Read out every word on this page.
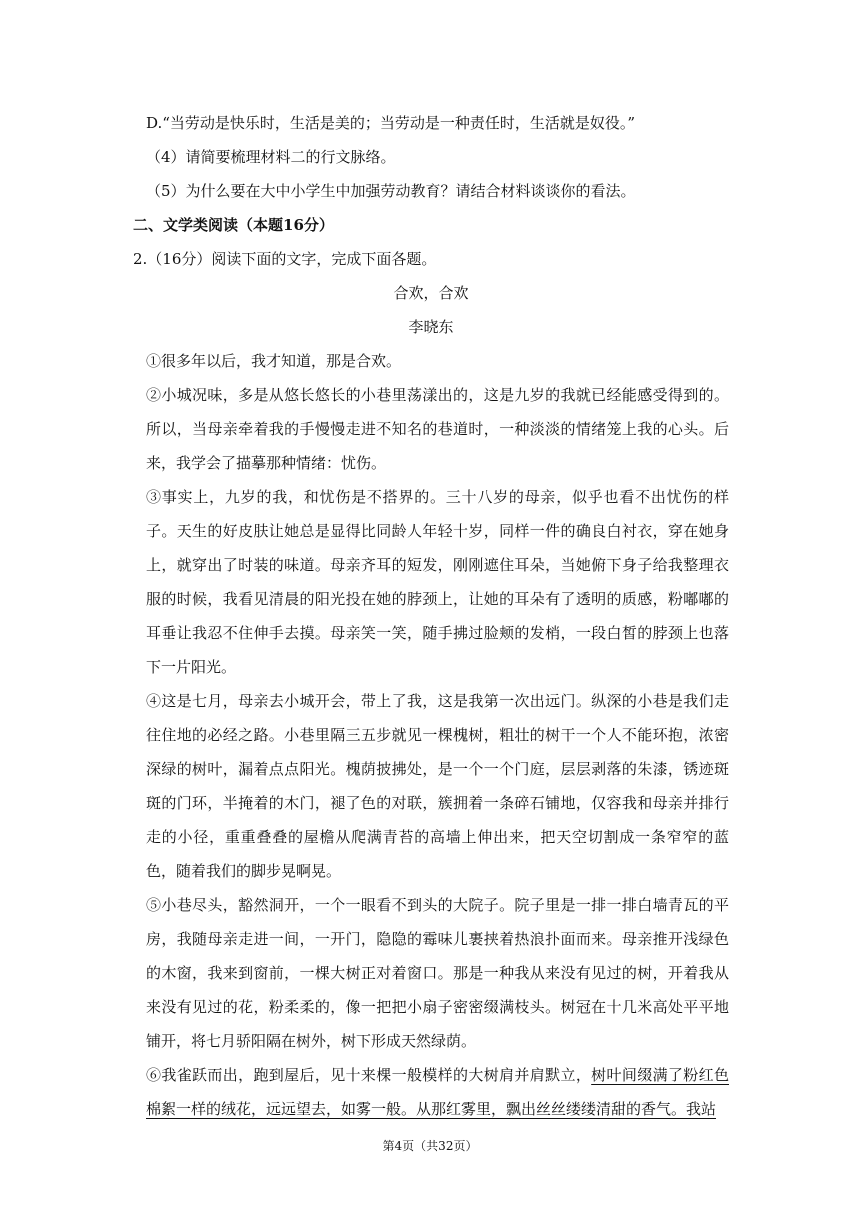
D.“当劳动是快乐时，生活是美的；当劳动是一种责任时，生活就是奴役。”
（4）请简要梳理材料二的行文脉络。
（5）为什么要在大中小学生中加强劳动教育？请结合材料谈谈你的看法。
二、文学类阅读（本题16分）
2.（16分）阅读下面的文字，完成下面各题。
合欢，合欢
李晓东
①很多年以后，我才知道，那是合欢。
②小城况味，多是从悠长悠长的小巷里荡漾出的，这是九岁的我就已经能感受得到的。所以，当母亲牵着我的手慢慢走进不知名的巷道时，一种淡淡的情绪笼上我的心头。后来，我学会了描摹那种情绪：忧伤。
③事实上，九岁的我，和忧伤是不搭界的。三十八岁的母亲，似乎也看不出忧伤的样子。天生的好皮肤让她总是显得比同龄人年轻十岁，同样一件的确良白衬衣，穿在她身上，就穿出了时装的味道。母亲齐耳的短发，刚刚遮住耳朵，当她俯下身子给我整理衣服的时候，我看见清晨的阳光投在她的脖颈上，让她的耳朵有了透明的质感，粉嘟嘟的耳垂让我忍不住伸手去摸。母亲笑一笑，随手拂过脸颊的发梢，一段白皙的脖颈上也落下一片阳光。
④这是七月，母亲去小城开会，带上了我，这是我第一次出远门。纵深的小巷是我们走往住地的必经之路。小巷里隔三五步就见一棵槐树，粗壮的树干一个人不能环抱，浓密深绿的树叶，漏着点点阳光。槐荫披拂处，是一个一个门庭，层层剥落的朱漆，锈迹斑斑的门环，半掩着的木门，褪了色的对联，簇拥着一条碎石铺地，仅容我和母亲并排行走的小径，重重叠叠的屋檐从爬满青苔的高墙上伸出来，把天空切割成一条窄窄的蓝色，随着我们的脚步晃啊晃。
⑤小巷尽头，豁然洞开，一个一眼看不到头的大院子。院子里是一排一排白墙青瓦的平房，我随母亲走进一间，一开门，隐隐的霉味儿裹挟着热浪扑面而来。母亲推开浅绿色的木窗，我来到窗前，一棵大树正对着窗口。那是一种我从来没有见过的树，开着我从来没有见过的花，粉柔柔的，像一把把小扇子密密缀满枝头。树冠在十几米高处平平地铺开，将七月骄阳隔在树外，树下形成天然绿荫。
⑥我雀跃而出，跑到屋后，见十来棵一般模样的大树肩并肩默立，树叶间缀满了粉红色棉絮一样的绒花，远远望去，如雾一般。从那红雾里，飘出丝丝缕缕清甜的香气。我站
第4页（共32页）
